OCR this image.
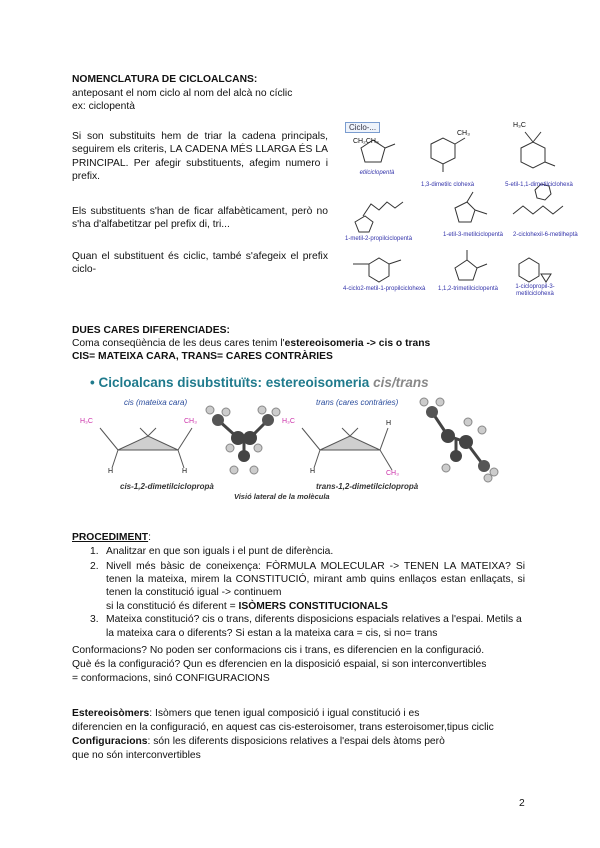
NOMENCLATURA DE CICLOALCANS:
anteposant el nom ciclo al nom del alcà no cíclic
ex: ciclopentà
Si son substituits hem de triar la cadena principals, seguirem els criteris, LA CADENA MÉS LLARGA ÉS LA PRINCIPAL. Per afegir substituents, afegim numero i prefix.
Els substituents s'han de ficar alfabèticament, però no s'ha d'alfabetitzar pel prefix di, tri...
Quan el substituent és ciclic, també s'afegeix el prefix ciclo-
Ciclo-...
etilciclopentà
CH₂CH₃
1,3-dimetilc clohexà
CH₃
H₃C
5-etil-1,1-dimetilciclohexà
1-metil-2-propilciclopentà
1-etil-3-metilciclopentà 2-ciclohexil-6-metilheptà
4-ciclo2-metil-1-propilciclohexà	1,1,2-trimetilciclopentà	1-ciclopropil-3-metilciclohexà
DUES CARES DIFERENCIADES:
Coma conseqüència de les deus cares tenim l'estereoisomeria -> cis o trans
CIS= MATEIXA CARA, TRANS= CARES CONTRÀRIES
• Cicloalcans disubstituïts: estereoisomeria cis/trans
cis (mateixa cara)	trans (cares contràries)
H₃C	CH₃
H	H
H₃C
CH₃
H
H
cis-1,2-dimetilciclopropà	trans-1,2-dimetilciclopropà
Visió lateral de la molècula
PROCEDIMENT:
1. Analitzar en que son iguals i el punt de diferència.
2. Nivell més bàsic de coneixença: FÒRMULA MOLECULAR -> TENEN LA MATEIXA? Si tenen la mateixa, mirem la CONSTITUCIÓ, mirant amb quins enllaços estan enllaçats, si tenen la constitució igual -> continuem
si la constitució és diferent = ISÒMERS CONSTITUCIONALS
3. Mateixa constitució? cis o trans, diferents disposicions espacials relatives a l'espai. Metils a la mateixa cara o diferents? Si estan a la mateixa cara = cis, si no= trans
Conformacions? No poden ser conformacions cis i trans, es diferencien en la configuració.
Què és la configuració? Qun es dferencien en la disposició espaial, si son interconvertibles
= conformacions, sinó CONFIGURACIONS
Estereoisòmers: Isòmers que tenen igual composició i igual constitució i es
diferencien en la configuració, en aquest cas cis-esteroisomer, trans esteroisomer,tipus ciclic
Configuracions: són les diferents disposicions relatives a l'espai dels àtoms però
que no són interconvertibles
2
